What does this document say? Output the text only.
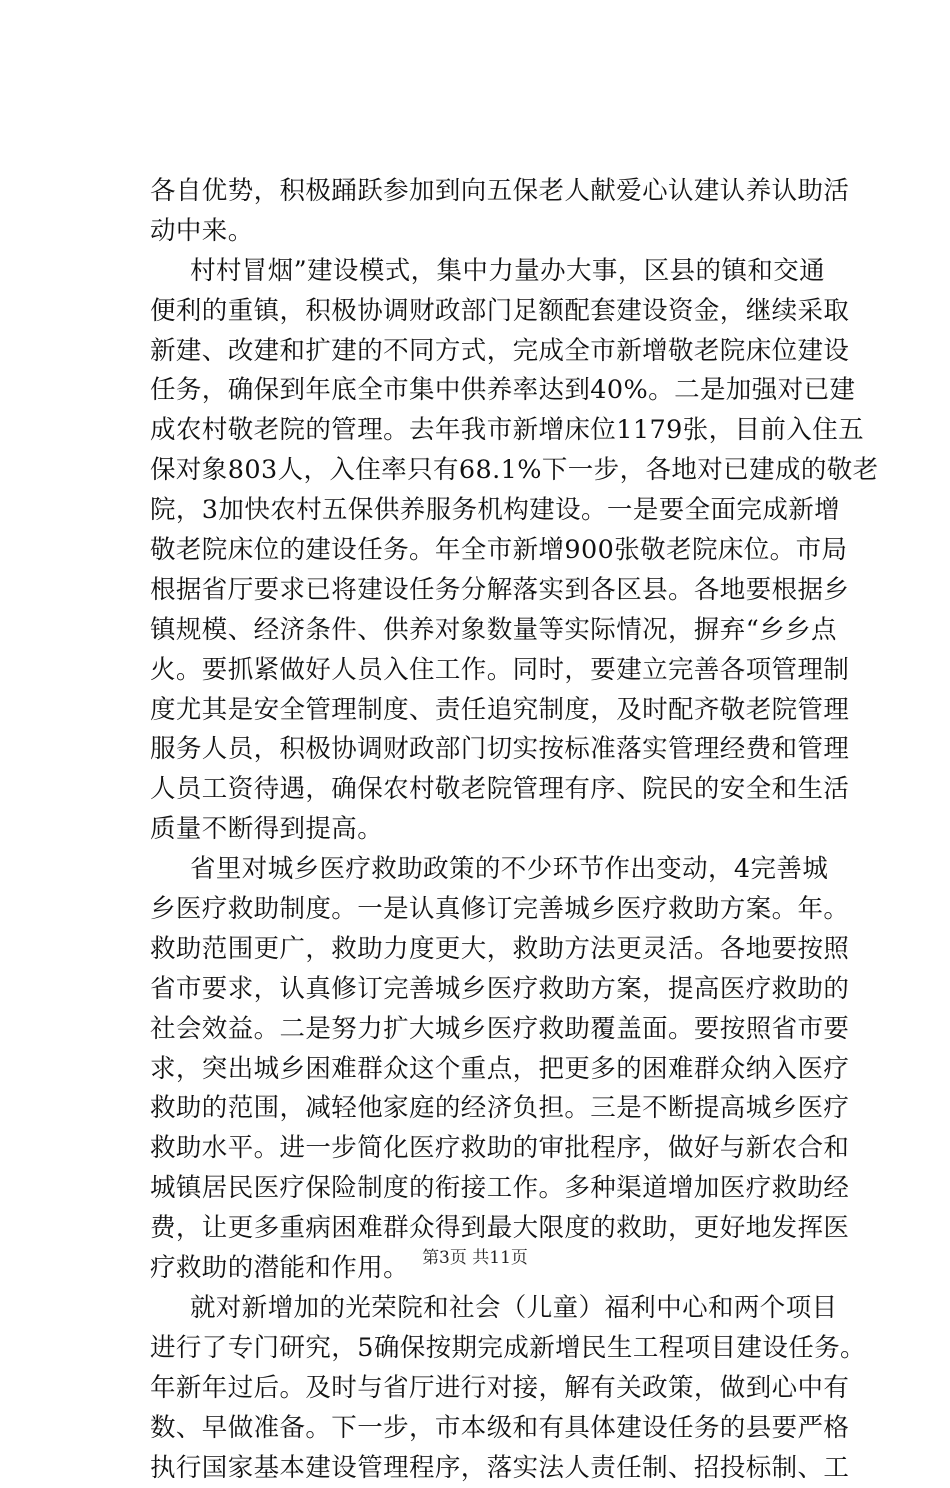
各自优势，积极踊跃参加到向五保老人献爱心认建认养认助活
动中来。
村村冒烟”建设模式，集中力量办大事，区县的镇和交通
便利的重镇，积极协调财政部门足额配套建设资金，继续采取
新建、改建和扩建的不同方式，完成全市新增敬老院床位建设
任务，确保到年底全市集中供养率达到40%。二是加强对已建
成农村敬老院的管理。去年我市新增床位1179张，目前入住五
保对象803人，入住率只有68.1%下一步，各地对已建成的敬老
院，3加快农村五保供养服务机构建设。一是要全面完成新增
敬老院床位的建设任务。年全市新增900张敬老院床位。市局
根据省厅要求已将建设任务分解落实到各区县。各地要根据乡
镇规模、经济条件、供养对象数量等实际情况，摒弃“乡乡点
火。要抓紧做好人员入住工作。同时，要建立完善各项管理制
度尤其是安全管理制度、责任追究制度，及时配齐敬老院管理
服务人员，积极协调财政部门切实按标准落实管理经费和管理
人员工资待遇，确保农村敬老院管理有序、院民的安全和生活
质量不断得到提高。
省里对城乡医疗救助政策的不少环节作出变动，4完善城
乡医疗救助制度。一是认真修订完善城乡医疗救助方案。年。
救助范围更广，救助力度更大，救助方法更灵活。各地要按照
省市要求，认真修订完善城乡医疗救助方案，提高医疗救助的
社会效益。二是努力扩大城乡医疗救助覆盖面。要按照省市要
求，突出城乡困难群众这个重点，把更多的困难群众纳入医疗
救助的范围，减轻他家庭的经济负担。三是不断提高城乡医疗
救助水平。进一步简化医疗救助的审批程序，做好与新农合和
城镇居民医疗保险制度的衔接工作。多种渠道增加医疗救助经
费，让更多重病困难群众得到最大限度的救助，更好地发挥医
疗救助的潜能和作用。
就对新增加的光荣院和社会（儿童）福利中心和两个项目
进行了专门研究，5确保按期完成新增民生工程项目建设任务。
年新年过后。及时与省厅进行对接，解有关政策，做到心中有
数、早做准备。下一步，市本级和有具体建设任务的县要严格
执行国家基本建设管理程序，落实法人责任制、招投标制、工
第3页 共11页
